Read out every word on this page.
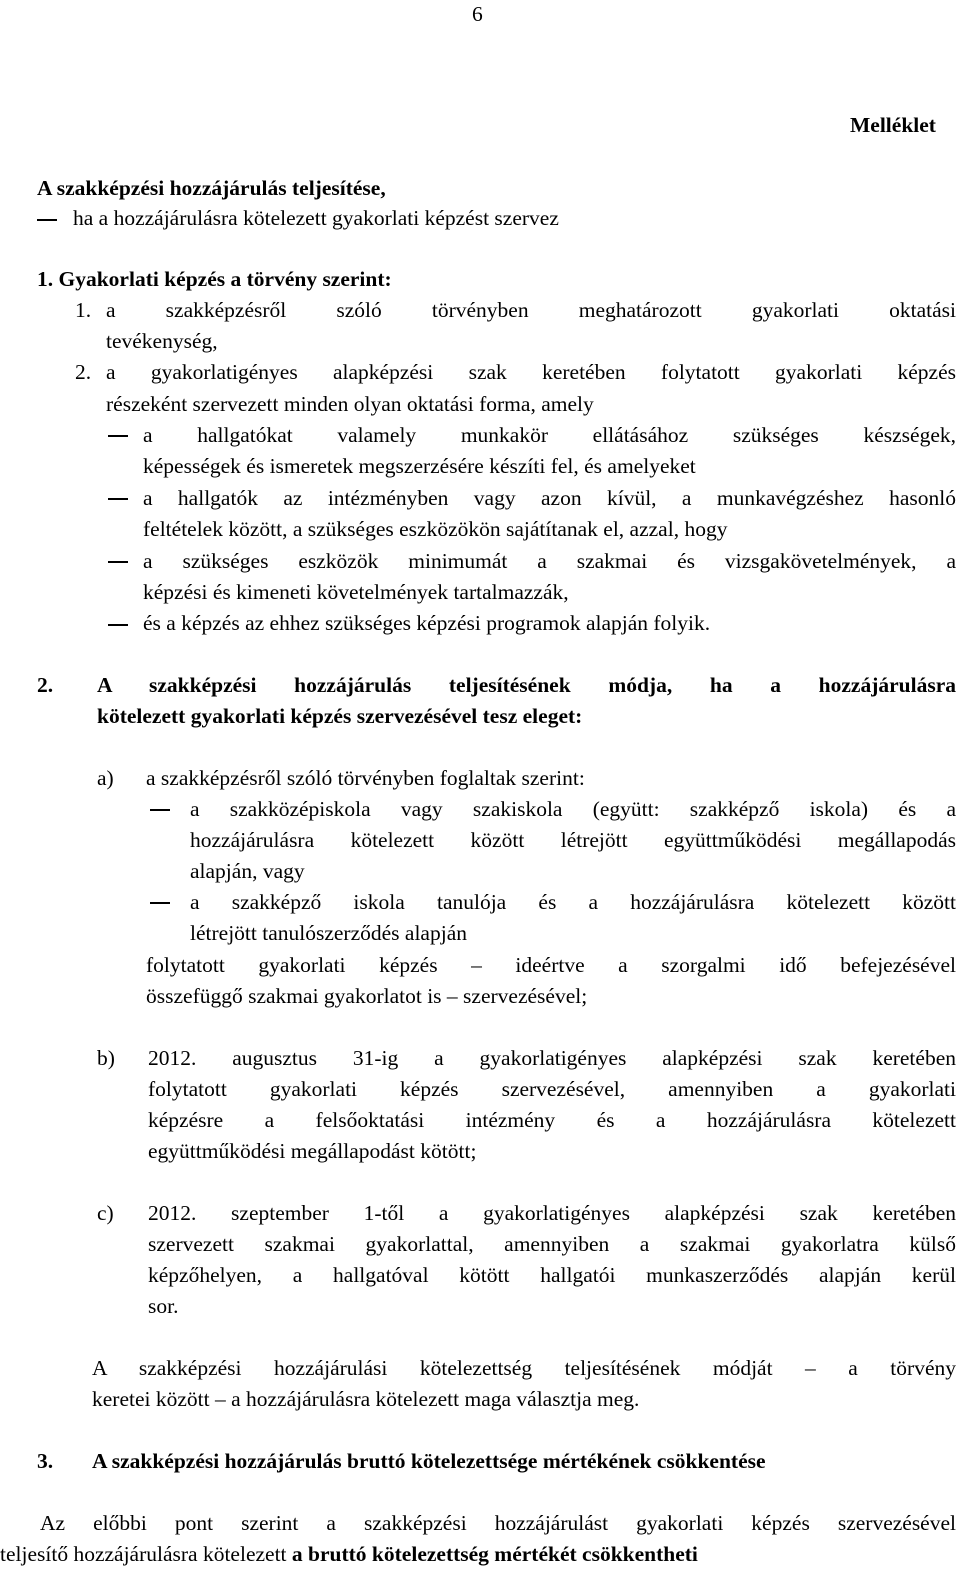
6
Melléklet
A szakképzési hozzájárulás teljesítése,
ha a hozzájárulásra kötelezett gyakorlati képzést szervez
1. Gyakorlati képzés a törvény szerint:
1. a szakképzésről szóló törvényben meghatározott gyakorlati oktatási
tevékenység,
2. a gyakorlatigényes alapképzési szak keretében folytatott gyakorlati képzés
részeként szervezett minden olyan oktatási forma, amely
a hallgatókat valamely munkakör ellátásához szükséges készségek,
képességek és ismeretek megszerzésére készíti fel, és amelyeket
a hallgatók az intézményben vagy azon kívül, a munkavégzéshez hasonló
feltételek között, a szükséges eszközökön sajátítanak el, azzal, hogy
a szükséges eszközök minimumát a szakmai és vizsgakövetelmények, a
képzési és kimeneti követelmények tartalmazzák,
és a képzés az ehhez szükséges képzési programok alapján folyik.
2. A szakképzési hozzájárulás teljesítésének módja, ha a hozzájárulásra
kötelezett gyakorlati képzés szervezésével tesz eleget:
a) a szakképzésről szóló törvényben foglaltak szerint:
a szakközépiskola vagy szakiskola (együtt: szakképző iskola) és a
hozzájárulásra kötelezett között létrejött együttműködési megállapodás
alapján, vagy
a szakképző iskola tanulója és a hozzájárulásra kötelezett között
létrejött tanulószerződés alapján
folytatott gyakorlati képzés – ideértve a szorgalmi idő befejezésével
összefüggő szakmai gyakorlatot is – szervezésével;
b) 2012. augusztus 31-ig a gyakorlatigényes alapképzési szak keretében
folytatott gyakorlati képzés szervezésével, amennyiben a gyakorlati
képzésre a felsőoktatási intézmény és a hozzájárulásra kötelezett
együttműködési megállapodást kötött;
c) 2012. szeptember 1-től a gyakorlatigényes alapképzési szak keretében
szervezett szakmai gyakorlattal, amennyiben a szakmai gyakorlatra külső
képzőhelyen, a hallgatóval kötött hallgatói munkaszerződés alapján kerül
sor.
A szakképzési hozzájárulási kötelezettség teljesítésének módját – a törvény
keretei között – a hozzájárulásra kötelezett maga választja meg.
3. A szakképzési hozzájárulás bruttó kötelezettsége mértékének csökkentése
Az előbbi pont szerint a szakképzési hozzájárulást gyakorlati képzés szervezésével
teljesítő hozzájárulásra kötelezett a bruttó kötelezettség mértékét csökkentheti
